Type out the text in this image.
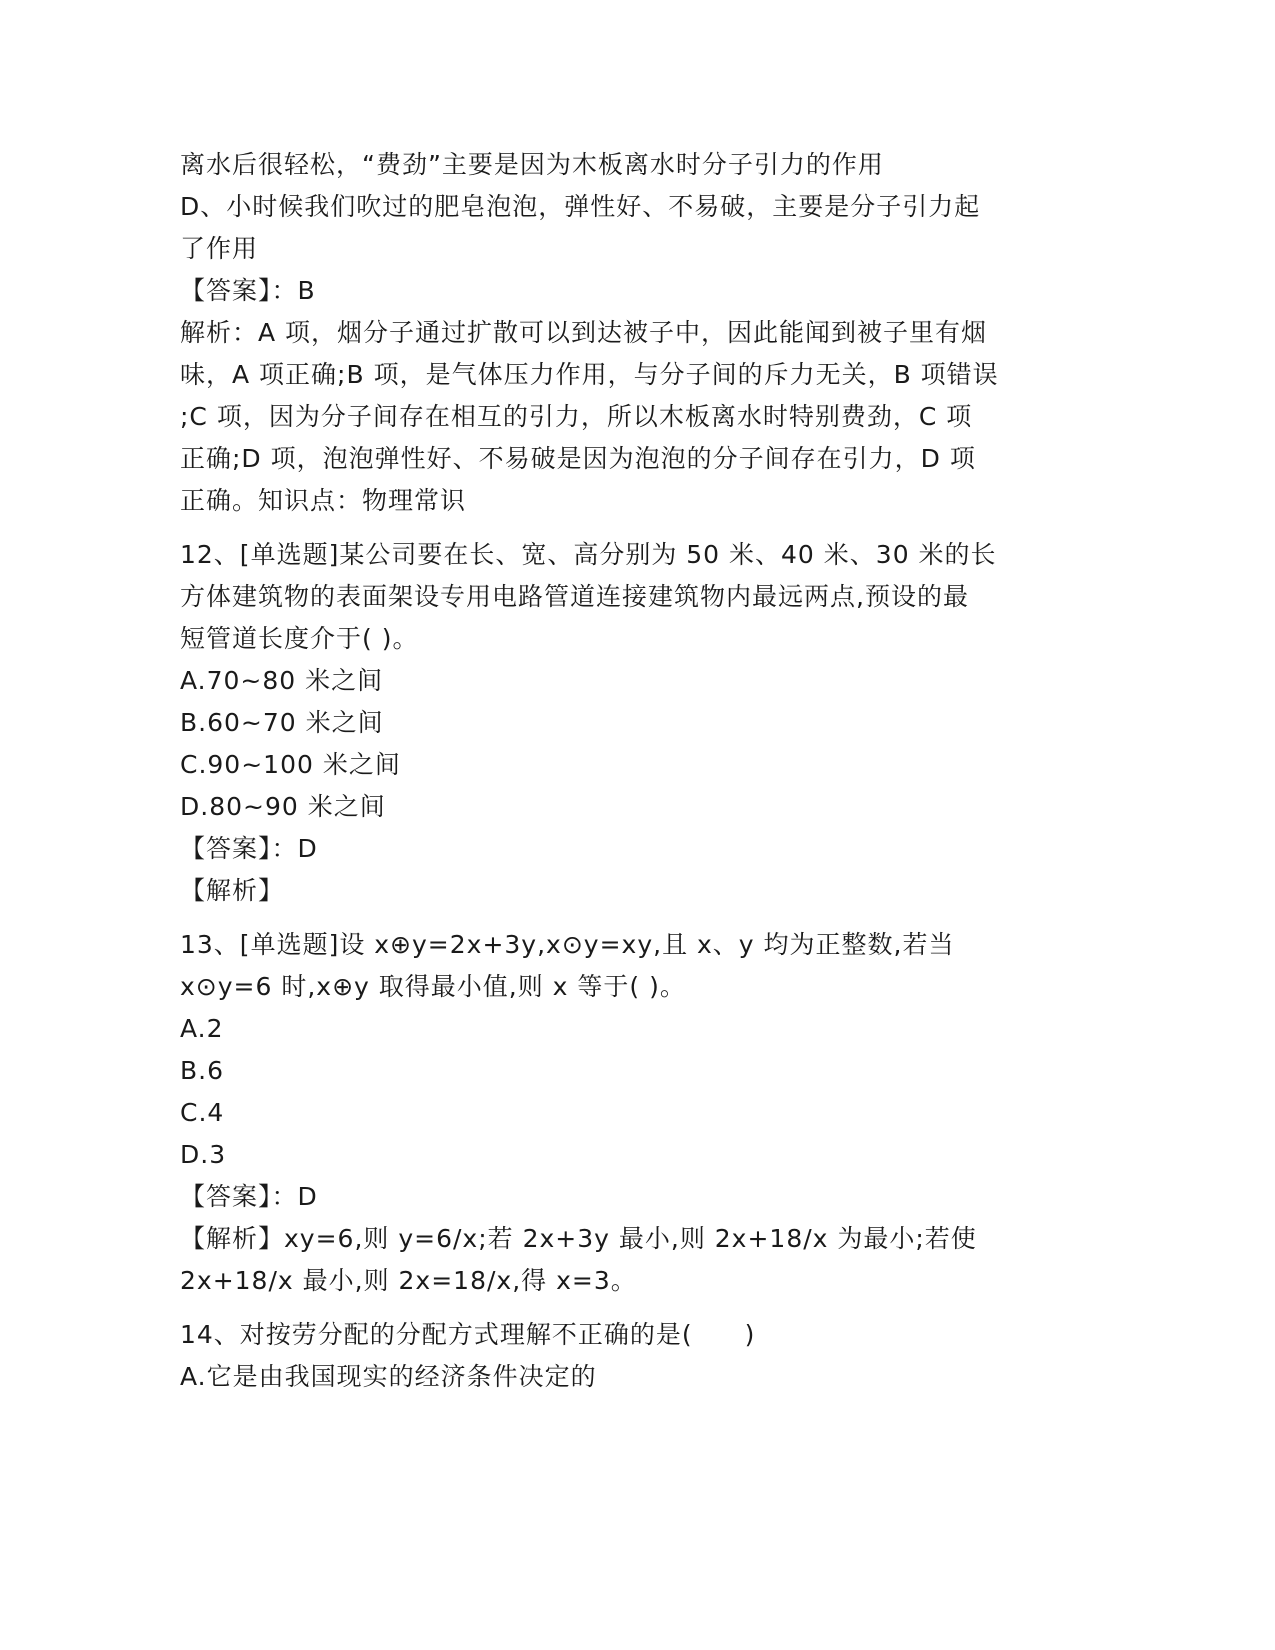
离水后很轻松，“费劲”主要是因为木板离水时分子引力的作用
D、小时候我们吹过的肥皂泡泡，弹性好、不易破，主要是分子引力起
了作用
【答案】：B
解析：A 项，烟分子通过扩散可以到达被子中，因此能闻到被子里有烟
味，A 项正确;B 项，是气体压力作用，与分子间的斥力无关，B 项错误
;C 项，因为分子间存在相互的引力，所以木板离水时特别费劲，C 项
正确;D 项，泡泡弹性好、不易破是因为泡泡的分子间存在引力，D 项
正确。知识点：物理常识
12、[单选题]某公司要在长、宽、高分别为 50 米、40 米、30 米的长
方体建筑物的表面架设专用电路管道连接建筑物内最远两点,预设的最
短管道长度介于( )。
A.70~80 米之间
B.60~70 米之间
C.90~100 米之间
D.80~90 米之间
【答案】：D
【解析】
13、[单选题]设 x⊕y=2x+3y,x⊙y=xy,且 x、y 均为正整数,若当
x⊙y=6 时,x⊕y 取得最小值,则 x 等于( )。
A.2
B.6
C.4
D.3
【答案】：D
【解析】xy=6,则 y=6/x;若 2x+3y 最小,则 2x+18/x 为最小;若使
2x+18/x 最小,则 2x=18/x,得 x=3。
14、对按劳分配的分配方式理解不正确的是(　　)
A.它是由我国现实的经济条件决定的
